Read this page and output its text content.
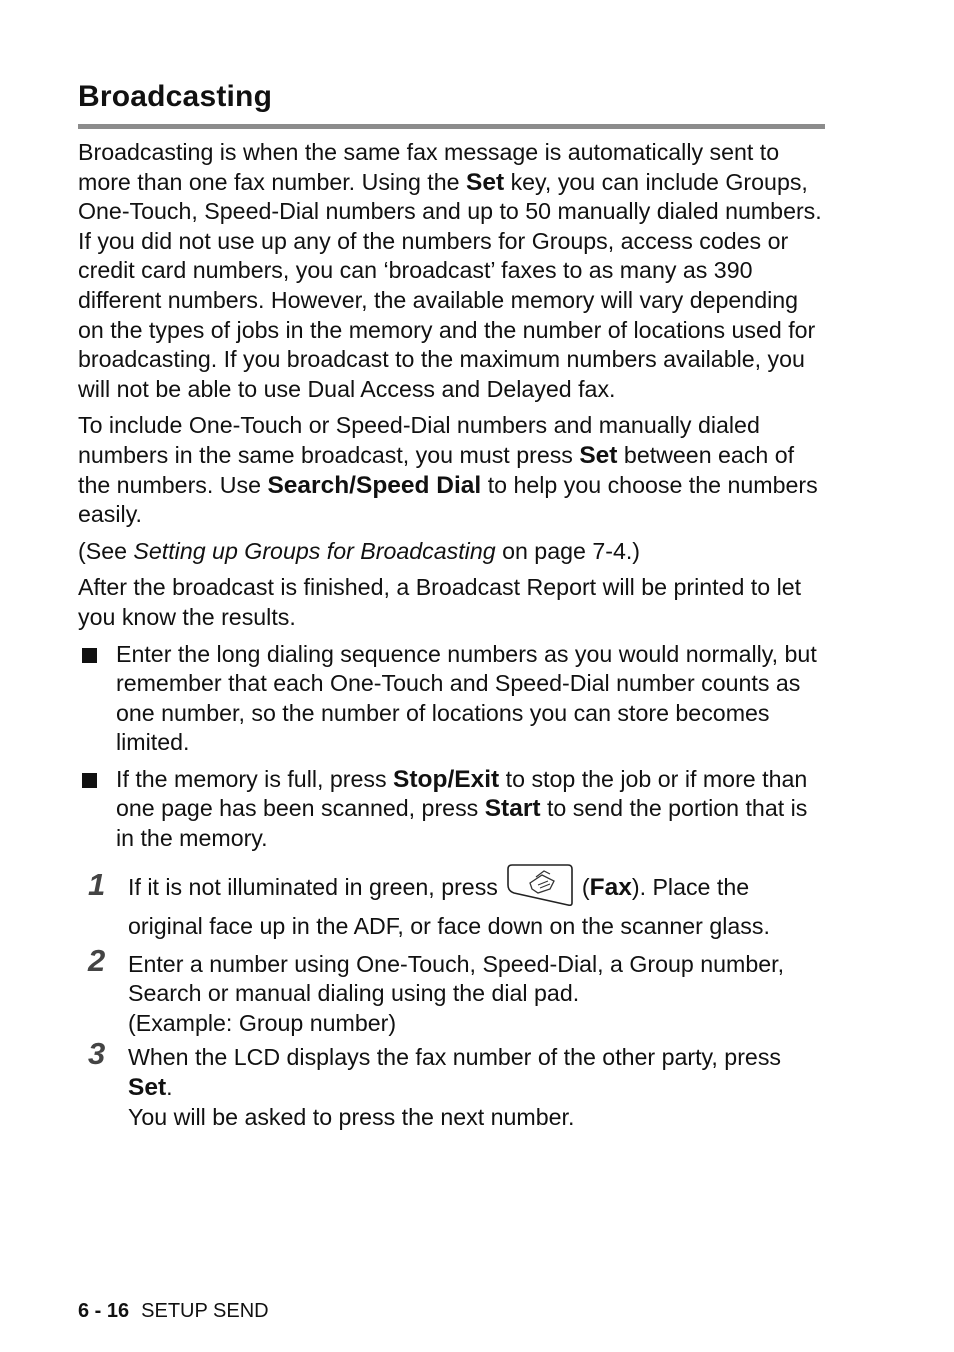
Broadcasting

Broadcasting is when the same fax message is automatically sent to more than one fax number. Using the Set key, you can include Groups, One-Touch, Speed-Dial numbers and up to 50 manually dialed numbers. If you did not use up any of the numbers for Groups, access codes or credit card numbers, you can ‘broadcast’ faxes to as many as 390 different numbers. However, the available memory will vary depending on the types of jobs in the memory and the number of locations used for broadcasting. If you broadcast to the maximum numbers available, you will not be able to use Dual Access and Delayed fax.

To include One-Touch or Speed-Dial numbers and manually dialed numbers in the same broadcast, you must press Set between each of the numbers. Use Search/Speed Dial to help you choose the numbers easily.

(See Setting up Groups for Broadcasting on page 7-4.)

After the broadcast is finished, a Broadcast Report will be printed to let you know the results.

Enter the long dialing sequence numbers as you would normally, but remember that each One-Touch and Speed-Dial number counts as one number, so the number of locations you can store becomes limited.
If the memory is full, press Stop/Exit to stop the job or if more than one page has been scanned, press Start to send the portion that is in the memory.
1 If it is not illuminated in green, press	(Fax). Place the original face up in the ADF, or face down on the scanner glass.
2 Enter a number using One-Touch, Speed-Dial, a Group number, Search or manual dialing using the dial pad.
(Example: Group number)
3 When the LCD displays the fax number of the other party, press Set.
You will be asked to press the next number.
6 - 16 SETUP SEND
